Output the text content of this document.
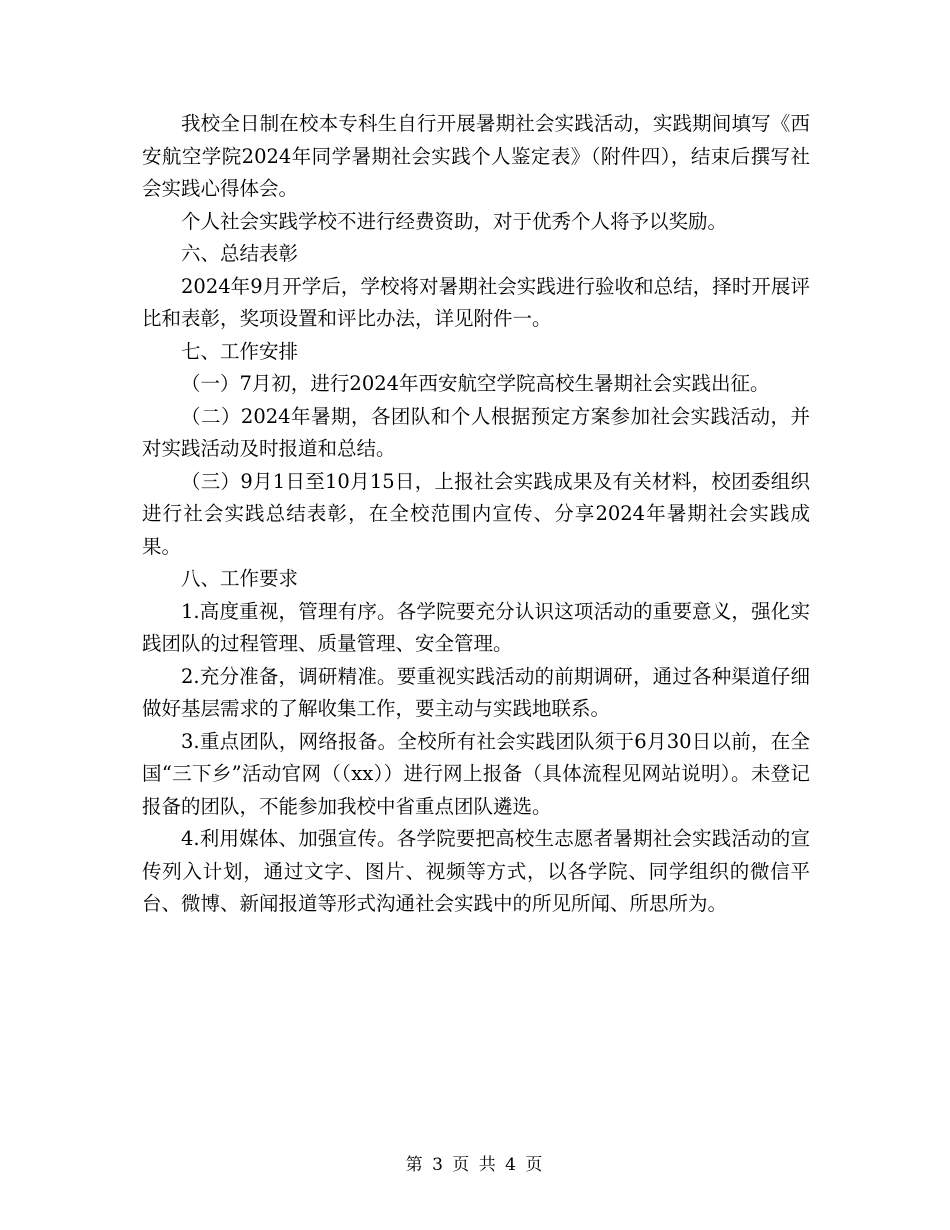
我校全日制在校本专科生自行开展暑期社会实践活动，实践期间填写《西安航空学院2024年同学暑期社会实践个人鉴定表》（附件四），结束后撰写社会实践心得体会。

个人社会实践学校不进行经费资助，对于优秀个人将予以奖励。

六、总结表彰

2024年9月开学后，学校将对暑期社会实践进行验收和总结，择时开展评比和表彰，奖项设置和评比办法，详见附件一。

七、工作安排

（一）7月初，进行2024年西安航空学院高校生暑期社会实践出征。

（二）2024年暑期，各团队和个人根据预定方案参加社会实践活动，并对实践活动及时报道和总结。

（三）9月1日至10月15日，上报社会实践成果及有关材料，校团委组织进行社会实践总结表彰，在全校范围内宣传、分享2024年暑期社会实践成果。

八、工作要求

1.高度重视，管理有序。各学院要充分认识这项活动的重要意义，强化实践团队的过程管理、质量管理、安全管理。

2.充分准备，调研精准。要重视实践活动的前期调研，通过各种渠道仔细做好基层需求的了解收集工作，要主动与实践地联系。

3.重点团队，网络报备。全校所有社会实践团队须于6月30日以前，在全国“三下乡”活动官网（（xx））进行网上报备（具体流程见网站说明）。未登记报备的团队，不能参加我校中省重点团队遴选。

4.利用媒体、加强宣传。各学院要把高校生志愿者暑期社会实践活动的宣传列入计划，通过文字、图片、视频等方式，以各学院、同学组织的微信平台、微博、新闻报道等形式沟通社会实践中的所见所闻、所思所为。

第 3 页 共 4 页
